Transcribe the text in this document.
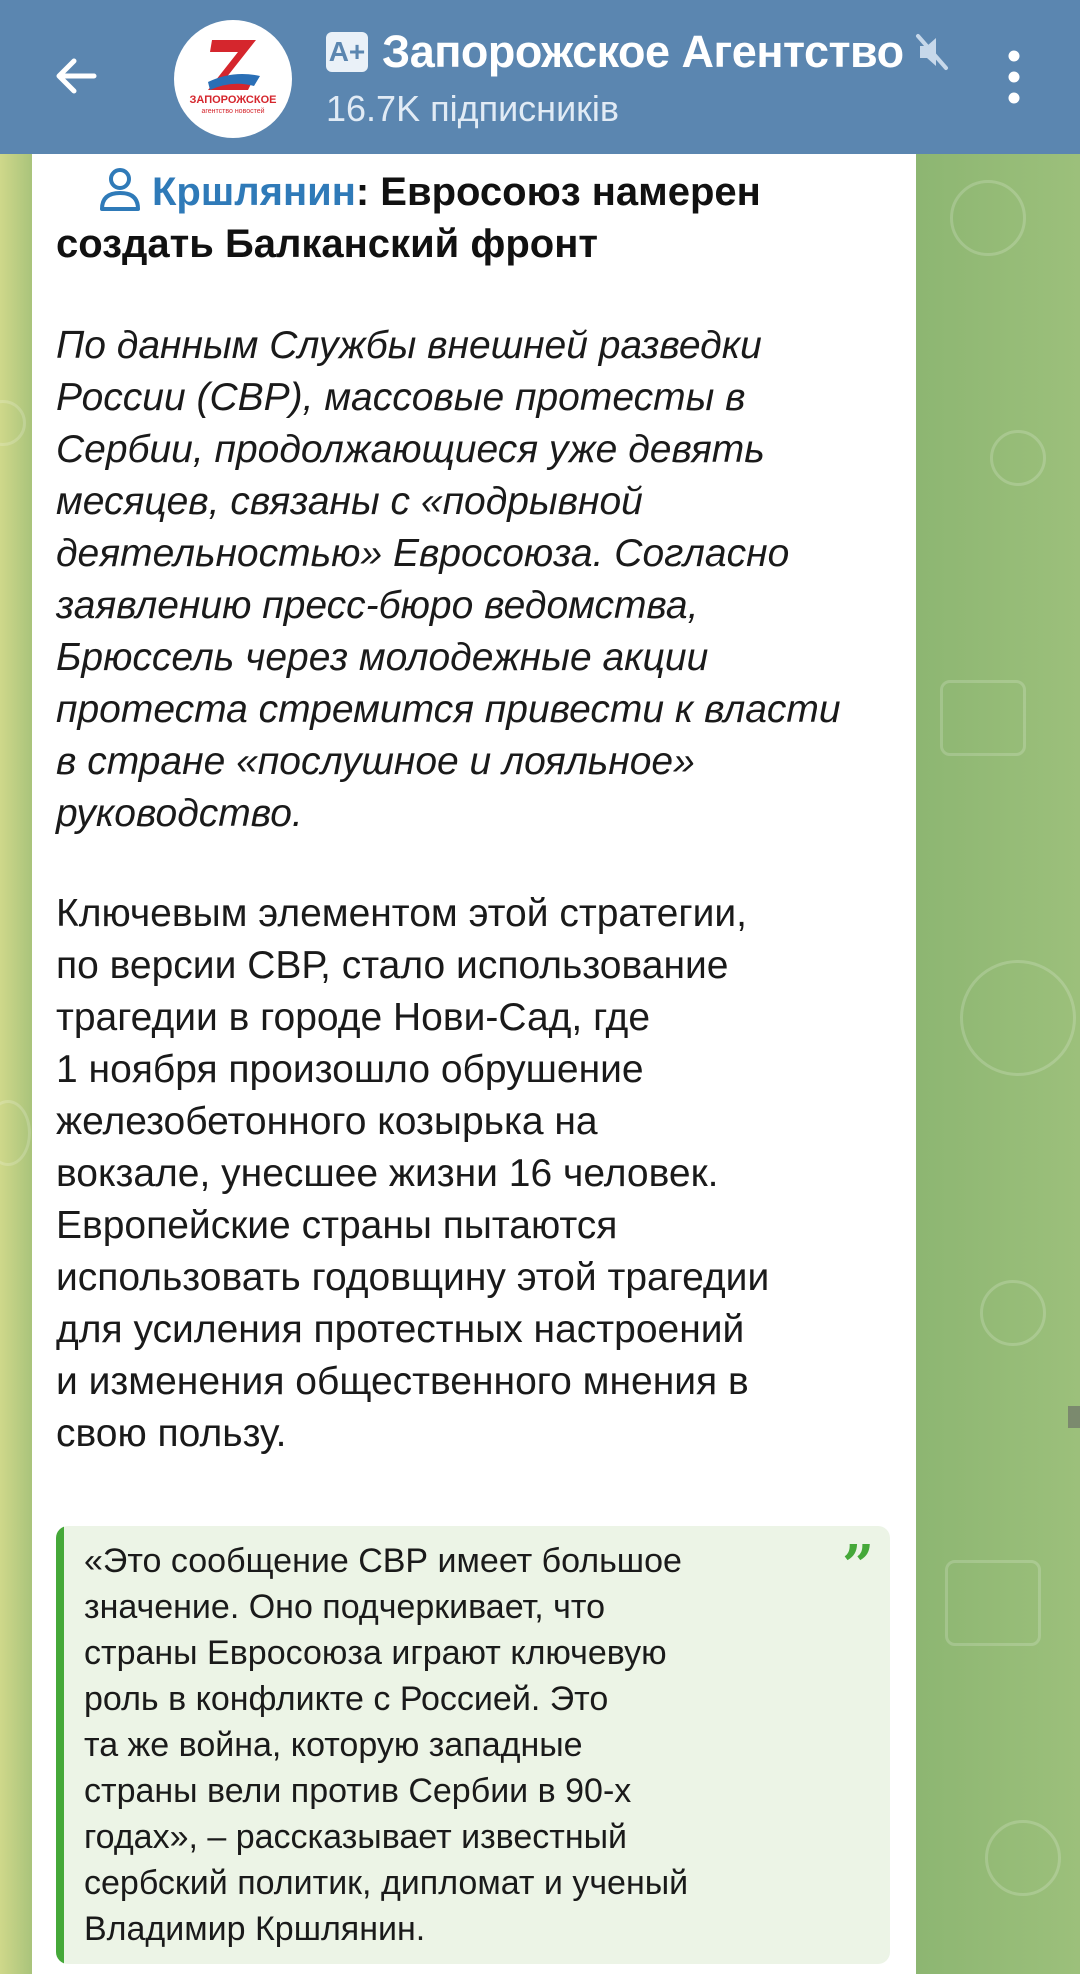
ЗАПОРОЖСКОЕ
агентство новостей
A+ Запорожское Агентство
16.7K підписників
Кршлянин: Евросоюз намерен создать Балканский фронт

По данным Службы внешней разведки
России (СВР), массовые протесты в
Сербии, продолжающиеся уже девять
месяцев, связаны с «подрывной
деятельностью» Евросоюза. Согласно
заявлению пресс-бюро ведомства,
Брюссель через молодежные акции
протеста стремится привести к власти
в стране «послушное и лояльное»
руководство.

Ключевым элементом этой стратегии,
по версии СВР, стало использование
трагедии в городе Нови-Сад, где
1 ноября произошло обрушение
железобетонного козырька на
вокзале, унесшее жизни 16 человек.
Европейские страны пытаются
использовать годовщину этой трагедии
для усиления протестных настроений
и изменения общественного мнения в
свою пользу.

«Это сообщение СВР имеет большое
значение. Оно подчеркивает, что
страны Евросоюза играют ключевую
роль в конфликте с Россией. Это
та же война, которую западные
страны вели против Сербии в 90-х
годах», – рассказывает известный
сербский политик, дипломат и ученый
Владимир Кршлянин.

”
